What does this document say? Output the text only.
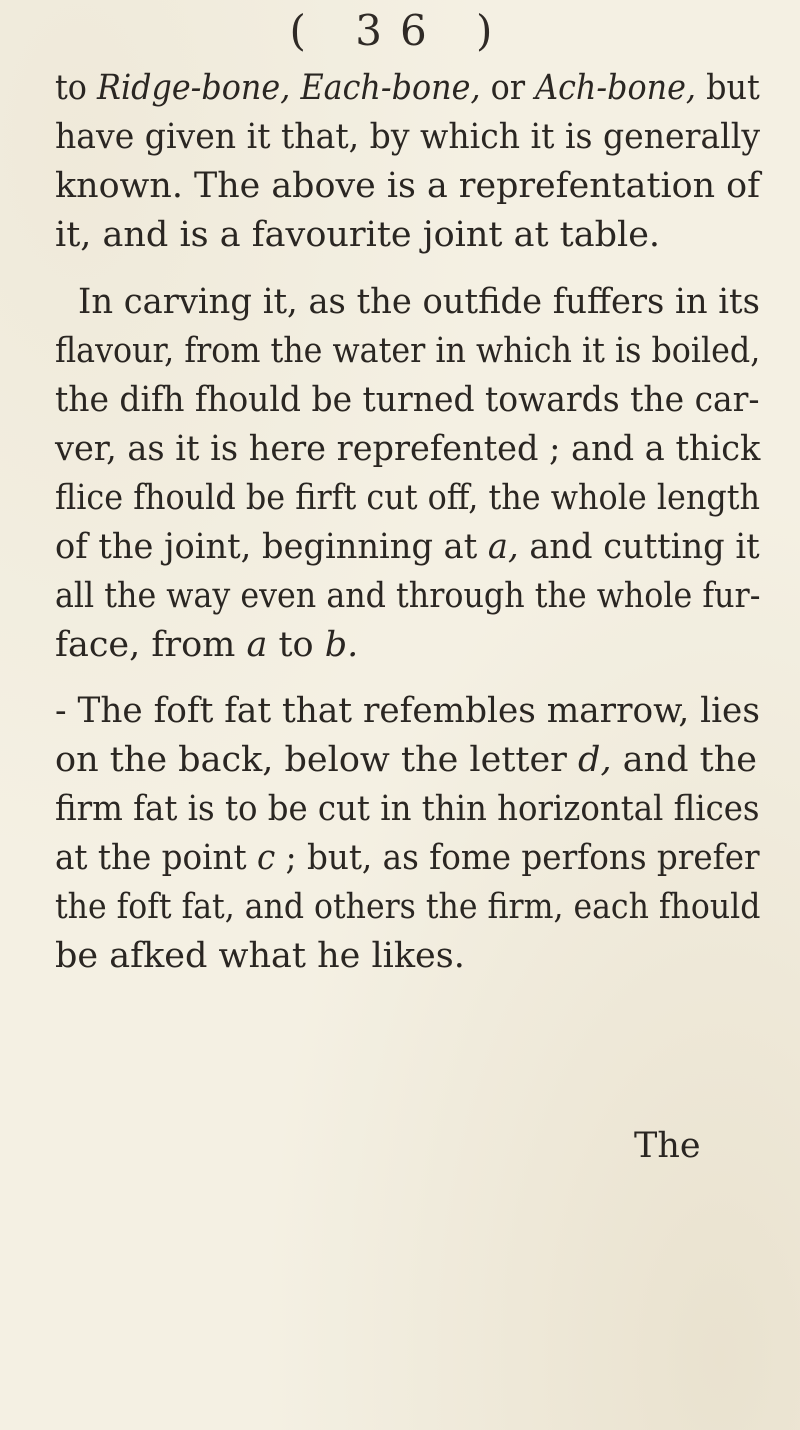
( 36 )
to Ridge-bone, Each-bone, or Ach-bone, but
have given it that, by which it is generally
known. The above is a reprefentation of
it, and is a favourite joint at table.
In carving it, as the outfide fuffers in its
flavour, from the water in which it is boiled,
the difh fhould be turned towards the car-
ver, as it is here reprefented ; and a thick
flice fhould be firft cut off, the whole length
of the joint, beginning at a, and cutting it
all the way even and through the whole fur-
face, from a to b.
- The foft fat that refembles marrow, lies
on the back, below the letter d, and the
firm fat is to be cut in thin horizontal flices
at the point c ; but, as fome perfons prefer
the foft fat, and others the firm, each fhould
be afked what he likes.
The
